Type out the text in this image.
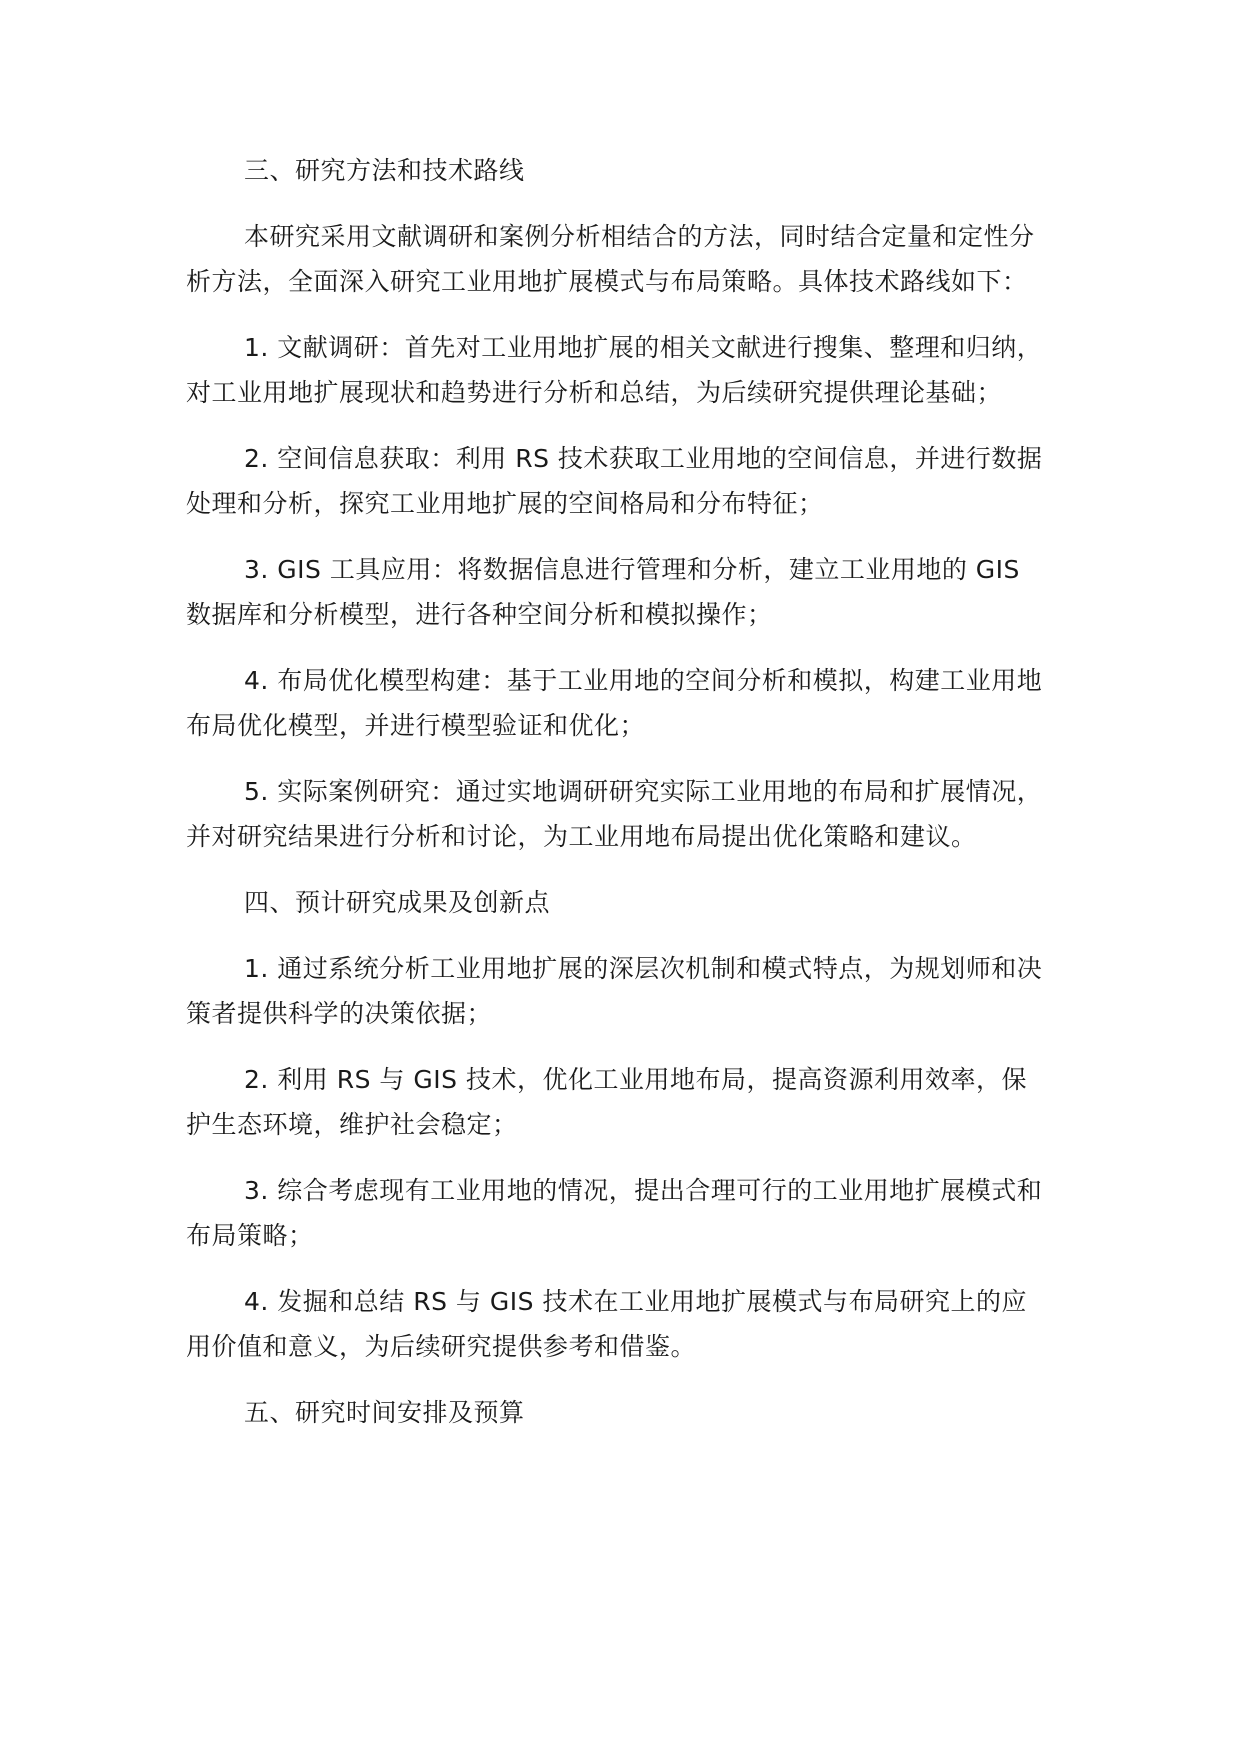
三、研究方法和技术路线

本研究采用文献调研和案例分析相结合的方法，同时结合定量和定性分析方法，全面深入研究工业用地扩展模式与布局策略。具体技术路线如下：

1. 文献调研：首先对工业用地扩展的相关文献进行搜集、整理和归纳，对工业用地扩展现状和趋势进行分析和总结，为后续研究提供理论基础；

2. 空间信息获取：利用 RS 技术获取工业用地的空间信息，并进行数据处理和分析，探究工业用地扩展的空间格局和分布特征；

3. GIS 工具应用：将数据信息进行管理和分析，建立工业用地的 GIS 数据库和分析模型，进行各种空间分析和模拟操作；

4. 布局优化模型构建：基于工业用地的空间分析和模拟，构建工业用地布局优化模型，并进行模型验证和优化；

5. 实际案例研究：通过实地调研研究实际工业用地的布局和扩展情况，并对研究结果进行分析和讨论，为工业用地布局提出优化策略和建议。

四、预计研究成果及创新点

1. 通过系统分析工业用地扩展的深层次机制和模式特点，为规划师和决策者提供科学的决策依据；

2. 利用 RS 与 GIS 技术，优化工业用地布局，提高资源利用效率，保护生态环境，维护社会稳定；

3. 综合考虑现有工业用地的情况，提出合理可行的工业用地扩展模式和布局策略；

4. 发掘和总结 RS 与 GIS 技术在工业用地扩展模式与布局研究上的应用价值和意义，为后续研究提供参考和借鉴。

五、研究时间安排及预算
